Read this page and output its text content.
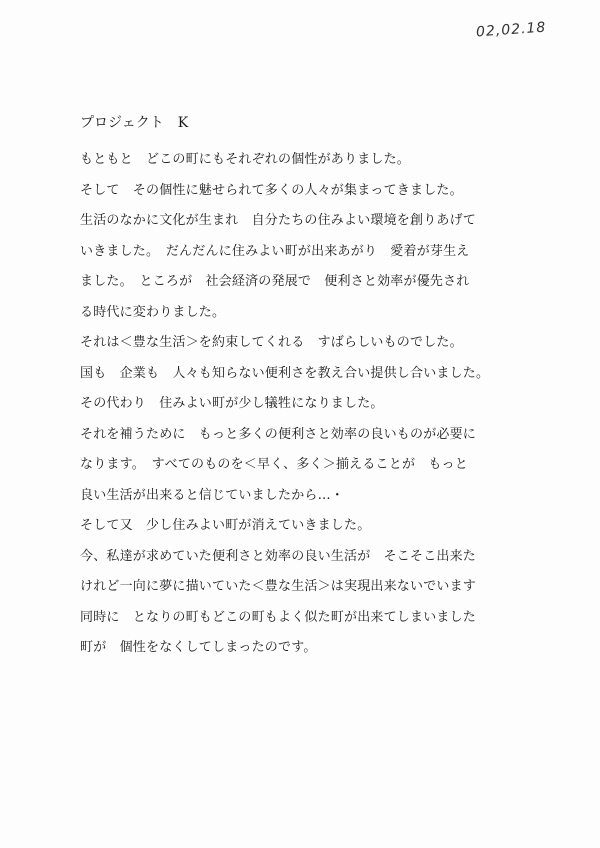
02,02.18
プロジェクト　K
もともと　どこの町にもそれぞれの個性がありました。
そして　その個性に魅せられて多くの人々が集まってきました。
生活のなかに文化が生まれ　自分たちの住みよい環境を創りあげて
いきました。　だんだんに住みよい町が出来あがり　愛着が芽生え
ました。　ところが　社会経済の発展で　便利さと効率が優先され
る時代に変わりました。
それは＜豊な生活＞を約束してくれる　すばらしいものでした。
国も　企業も　人々も知らない便利さを教え合い提供し合いました。
その代わり　住みよい町が少し犠牲になりました。
それを補うために　もっと多くの便利さと効率の良いものが必要に
なります。　すべてのものを＜早く、多く＞揃えることが　もっと
良い生活が出来ると信じていましたから…・
そして又　少し住みよい町が消えていきました。
今、私達が求めていた便利さと効率の良い生活が　そこそこ出来た
けれど一向に夢に描いていた＜豊な生活＞は実現出来ないでいます
同時に　となりの町もどこの町もよく似た町が出来てしまいました
町が　個性をなくしてしまったのです。
